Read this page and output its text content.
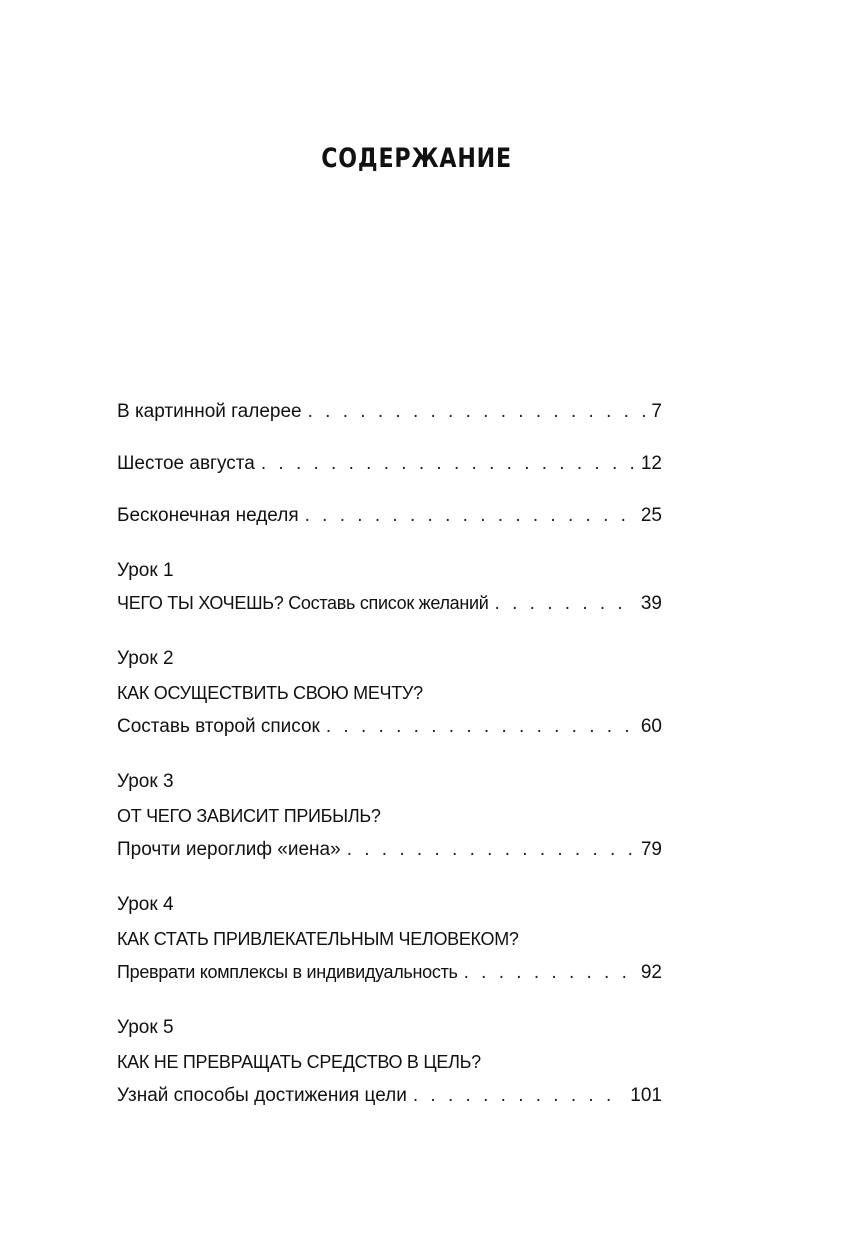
СОДЕРЖАНИЕ
В картинной галерее . . .	7
Шестое августа . . .	12
Бесконечная неделя . . .	25
Урок 1
ЧЕГО ТЫ ХОЧЕШЬ? Составь список желаний . . .	39
Урок 2
КАК ОСУЩЕСТВИТЬ СВОЮ МЕЧТУ?
Составь второй список . . .	60
Урок 3
ОТ ЧЕГО ЗАВИСИТ ПРИБЫЛЬ?
Прочти иероглиф «иена» . . .	79
Урок 4
КАК СТАТЬ ПРИВЛЕКАТЕЛЬНЫМ ЧЕЛОВЕКОМ?
Преврати комплексы в индивидуальность . . .	92
Урок 5
КАК НЕ ПРЕВРАЩАТЬ СРЕДСТВО В ЦЕЛЬ?
Узнай способы достижения цели . . .	101
